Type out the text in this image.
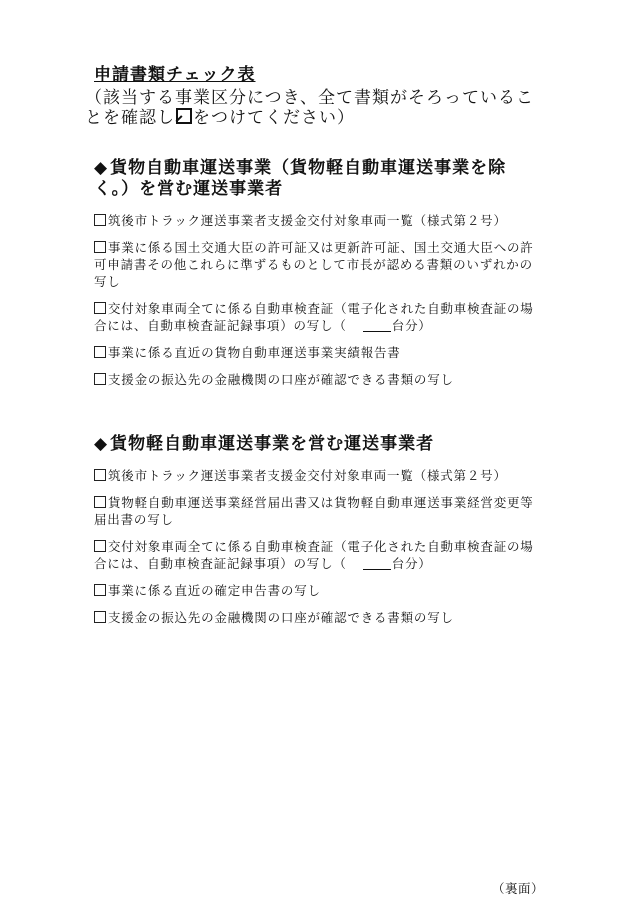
申請書類チェック表
（該当する事業区分につき、全て書類がそろっていることを確認し をつけてください）
◆ 貨物自動車運送事業（貨物軽自動車運送事業を除く。）を営む運送事業者
筑後市トラック運送事業者支援金交付対象車両一覧（様式第２号）
事業に係る国土交通大臣の許可証又は更新許可証、国土交通大臣への許可申請書その他これらに準ずるものとして市長が認める書類のいずれかの写し
交付対象車両全てに係る自動車検査証（電子化された自動車検査証の場合には、自動車検査証記録事項）の写し（	台分）
事業に係る直近の貨物自動車運送事業実績報告書
支援金の振込先の金融機関の口座が確認できる書類の写し
◆ 貨物軽自動車運送事業を営む運送事業者
筑後市トラック運送事業者支援金交付対象車両一覧（様式第２号）
貨物軽自動車運送事業経営届出書又は貨物軽自動車運送事業経営変更等届出書の写し
交付対象車両全てに係る自動車検査証（電子化された自動車検査証の場合には、自動車検査証記録事項）の写し（	台分）
事業に係る直近の確定申告書の写し
支援金の振込先の金融機関の口座が確認できる書類の写し
（裏面）
